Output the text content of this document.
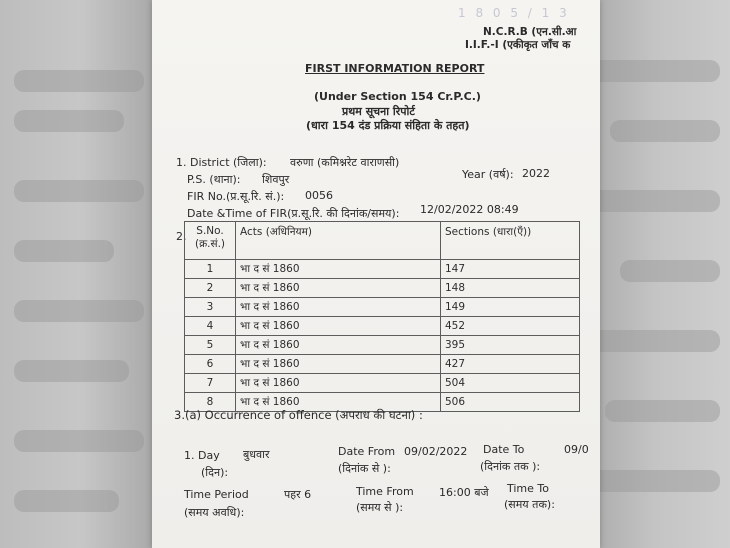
1 8 0 5 / 1 3
N.C.R.B (एन.सी.आ
I.I.F.-I (एकीकृत जाँच क
FIRST INFORMATION REPORT
(Under Section 154 Cr.P.C.)
प्रथम सूचना रिपोर्ट
(धारा 154 दंड प्रक्रिया संहिता के तहत)
1. District (जिला): वरुणा (कमिश्नरेट वाराणसी)
P.S. (थाना): शिवपुर	Year (वर्ष): 2022
FIR No.(प्र.सू.रि. सं.): 0056
Date &Time of FIR(प्र.सू.रि. की दिनांक/समय): 12/02/2022 08:49
2. S.No.
(क्र.सं.)	Acts (अधिनियम)	Sections (धारा(एँ))
1	भा द सं 1860	147
2	भा द सं 1860	148
3	भा द सं 1860	149
4	भा द सं 1860	452
5	भा द सं 1860	395
6	भा द सं 1860	427
7	भा द सं 1860	504
8	भा द सं 1860	506
3.(a) Occurrence of offence (अपराध की घटना) :
1. Day बुधवार
(दिन):
Date From 09/02/2022
(दिनांक से ):
Date To	09/0
(दिनांक तक ):
Time Period	पहर 6
(समय अवधि):
Time From 16:00 बजे
(समय से ):
Time To
(समय तक):
